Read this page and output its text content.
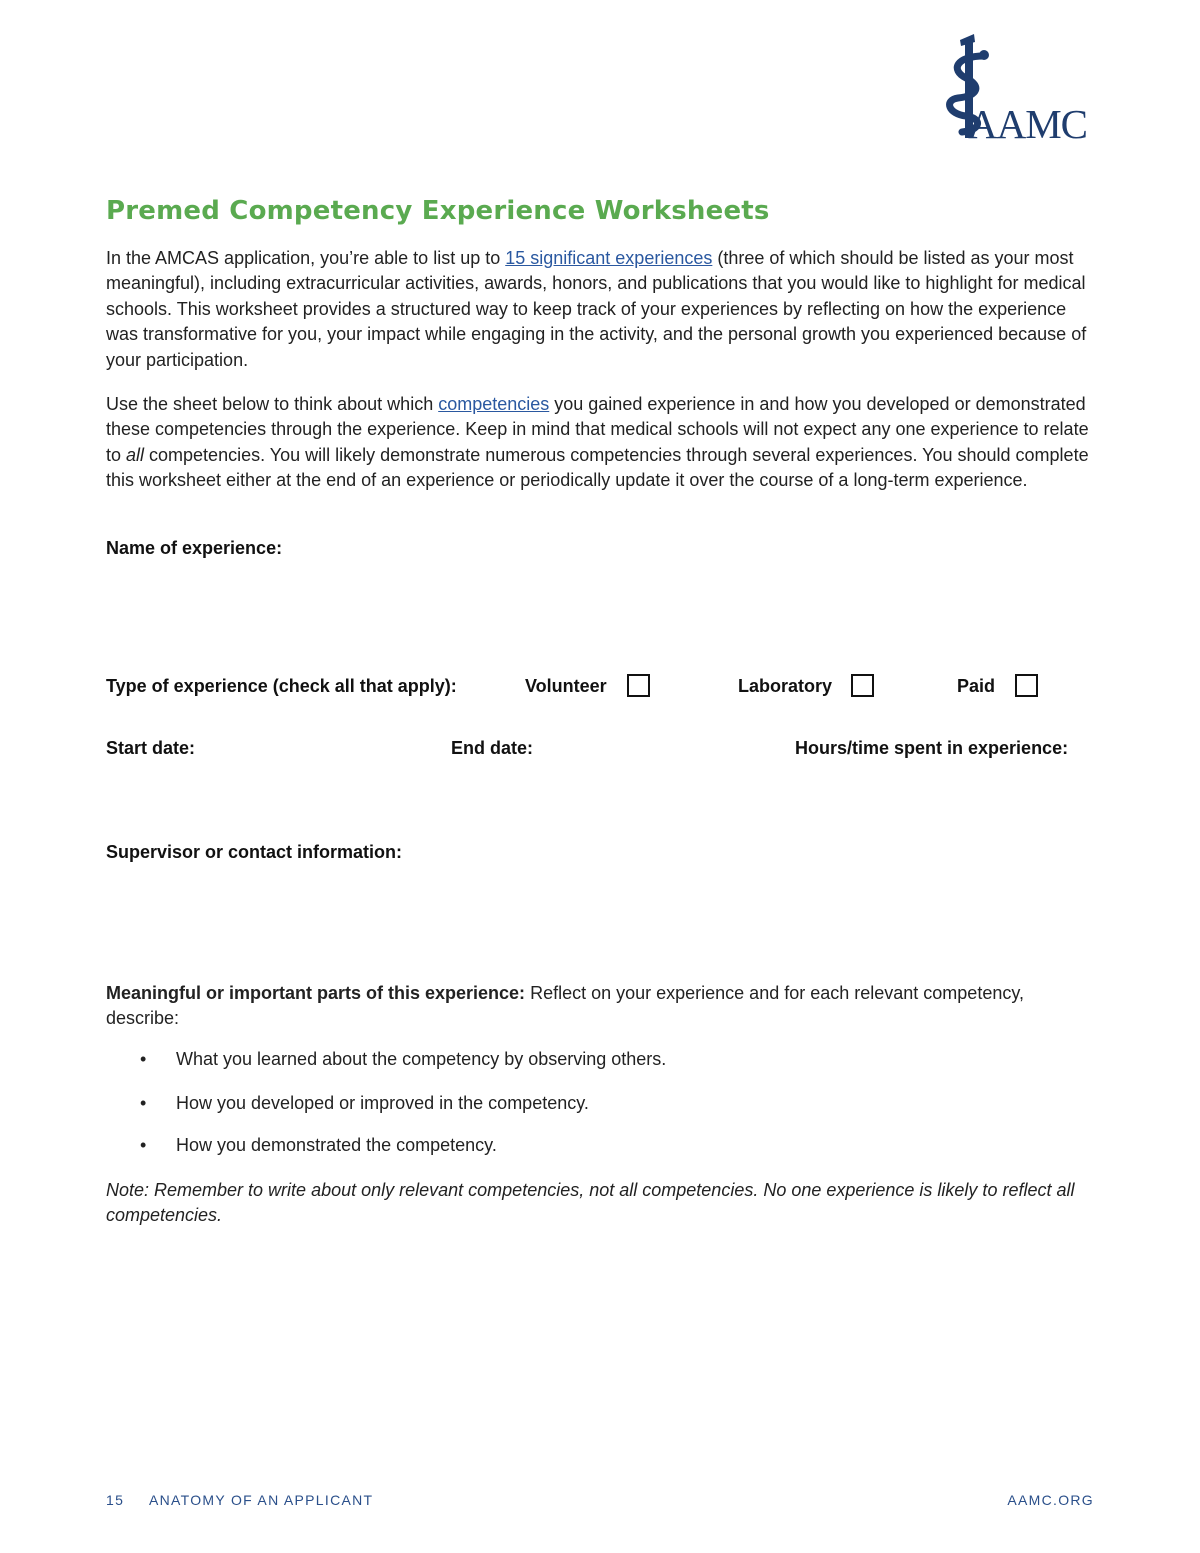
AAMC
Premed Competency Experience Worksheets

In the AMCAS application, you’re able to list up to 15 significant experiences (three of which should be listed as your most meaningful), including extracurricular activities, awards, honors, and publications that you would like to highlight for medical schools. This worksheet provides a structured way to keep track of your experiences by reflecting on how the experience was transformative for you, your impact while engaging in the activity, and the personal growth you experienced because of your participation.

Use the sheet below to think about which competencies you gained experience in and how you developed or demonstrated these competencies through the experience. Keep in mind that medical schools will not expect any one experience to relate to all competencies. You will likely demonstrate numerous competencies through several experiences. You should complete this worksheet either at the end of an experience or periodically update it over the course of a long-term experience.

Name of experience:
Type of experience (check all that apply):	Volunteer	Laboratory	Paid
Start date:	End date:	Hours/time spent in experience:
Supervisor or contact information:

Meaningful or important parts of this experience: Reflect on your experience and for each relevant competency, describe:

• What you learned about the competency by observing others.
• How you developed or improved in the competency.
• How you demonstrated the competency.

Note: Remember to write about only relevant competencies, not all competencies. No one experience is likely to reflect all competencies.

15 ANATOMY OF AN APPLICANT	AAMC.ORG
